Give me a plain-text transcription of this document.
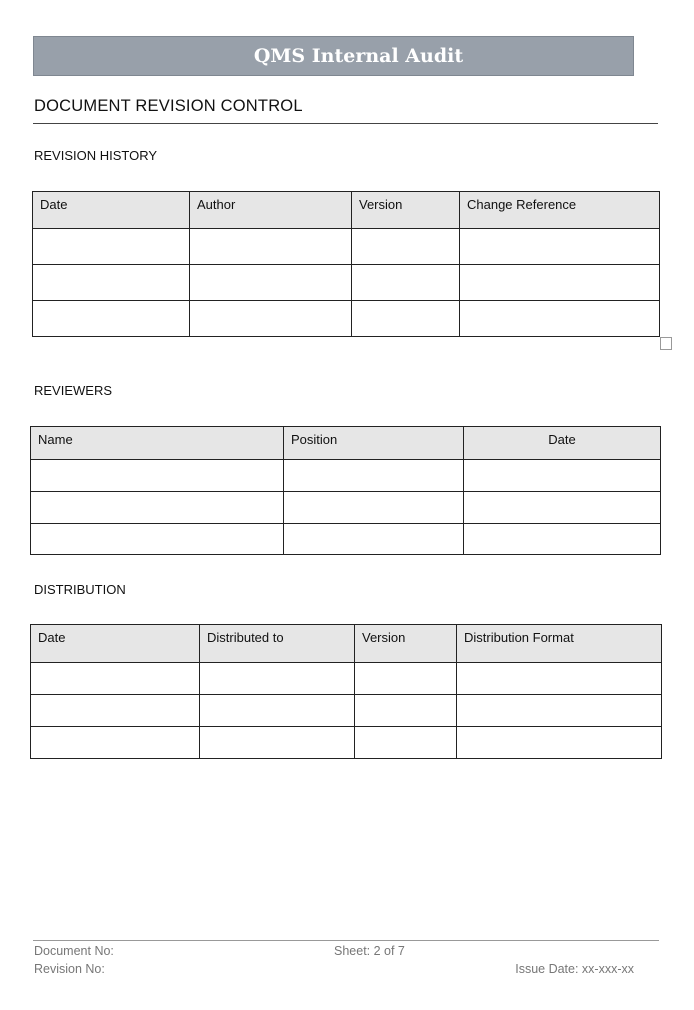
QMS Internal Audit
DOCUMENT REVISION CONTROL
REVISION HISTORY
Date	Author	Version	Change Reference

REVIEWERS
Name	Position	Date

DISTRIBUTION
Date	Distributed to	Version	Distribution Format

Document No:	Sheet: 2 of 7
Revision No:	Issue Date: xx-xxx-xx
